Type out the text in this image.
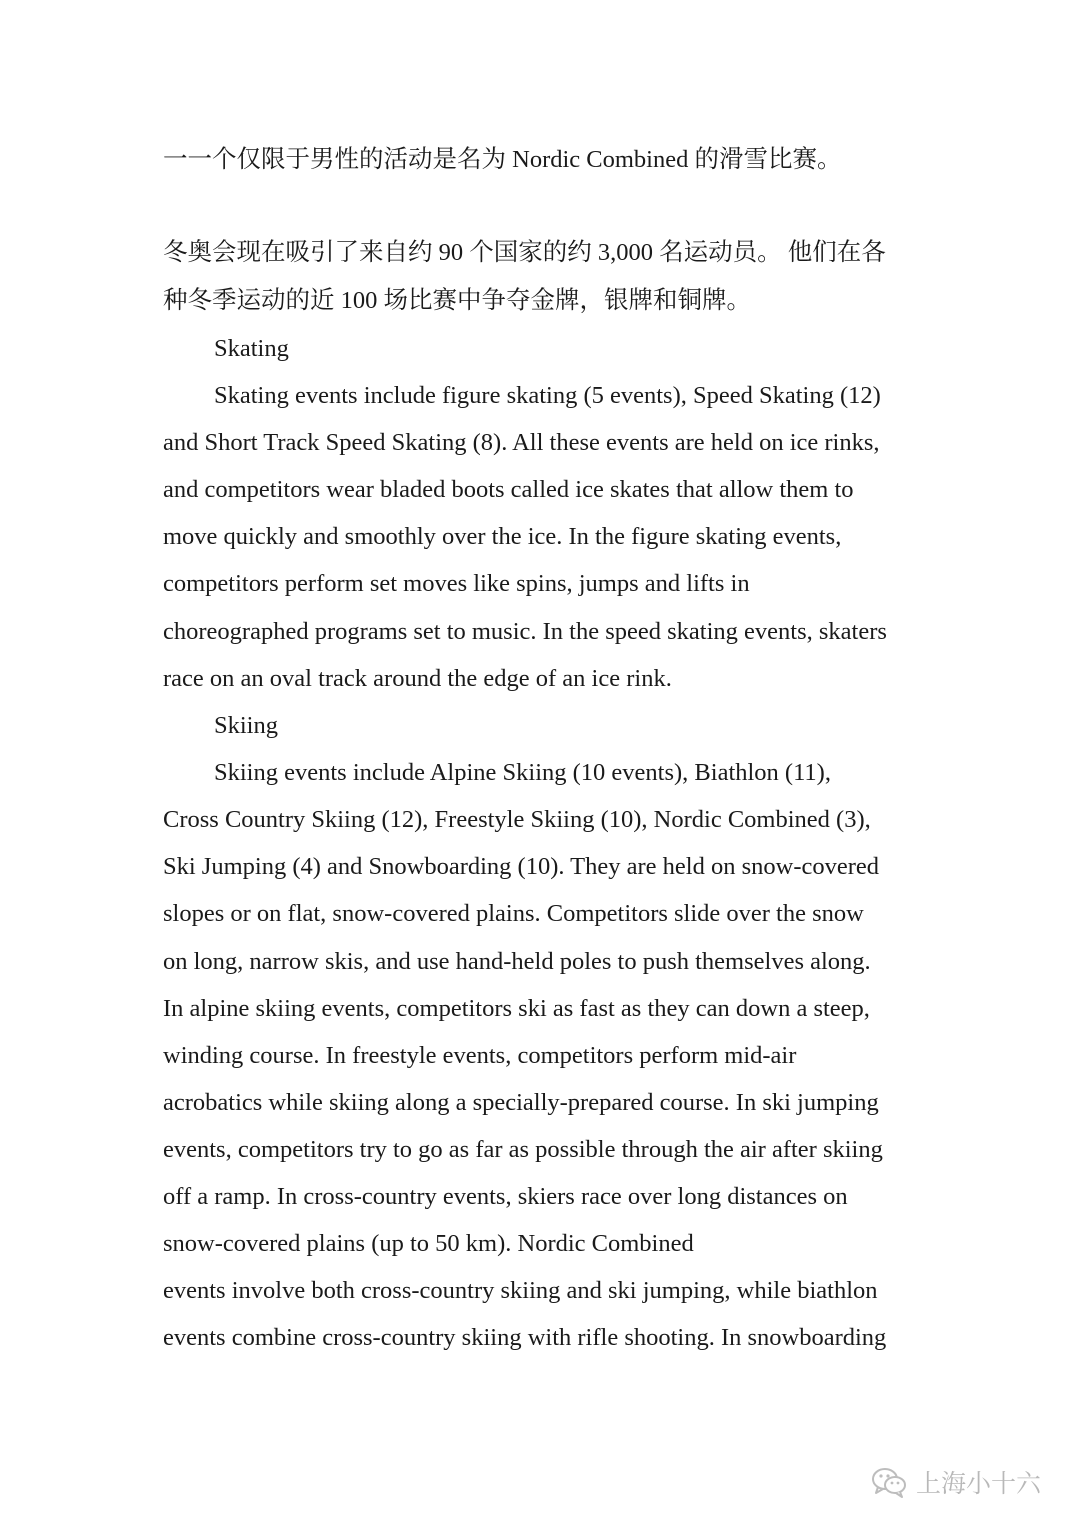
一一个仅限于男性的活动是名为 Nordic Combined 的滑雪比赛。
冬奥会现在吸引了来自约 90 个国家的约 3,000 名运动员。 他们在各
种冬季运动的近 100 场比赛中争夺金牌，银牌和铜牌。
Skating
Skating events include figure skating (5 events), Speed Skating (12)
and Short Track Speed Skating (8). All these events are held on ice rinks,
and competitors wear bladed boots called ice skates that allow them to
move quickly and smoothly over the ice. In the figure skating events,
competitors perform set moves like spins, jumps and lifts in
choreographed programs set to music. In the speed skating events, skaters
race on an oval track around the edge of an ice rink.
Skiing
Skiing events include Alpine Skiing (10 events), Biathlon (11),
Cross Country Skiing (12), Freestyle Skiing (10), Nordic Combined (3),
Ski Jumping (4) and Snowboarding (10). They are held on snow-covered
slopes or on flat, snow-covered plains. Competitors slide over the snow
on long, narrow skis, and use hand-held poles to push themselves along.
In alpine skiing events, competitors ski as fast as they can down a steep,
winding course. In freestyle events, competitors perform mid-air
acrobatics while skiing along a specially-prepared course. In ski jumping
events, competitors try to go as far as possible through the air after skiing
off a ramp. In cross-country events, skiers race over long distances on
snow-covered plains (up to 50 km). Nordic Combined
events involve both cross-country skiing and ski jumping, while biathlon
events combine cross-country skiing with rifle shooting. In snowboarding
上海小十六
